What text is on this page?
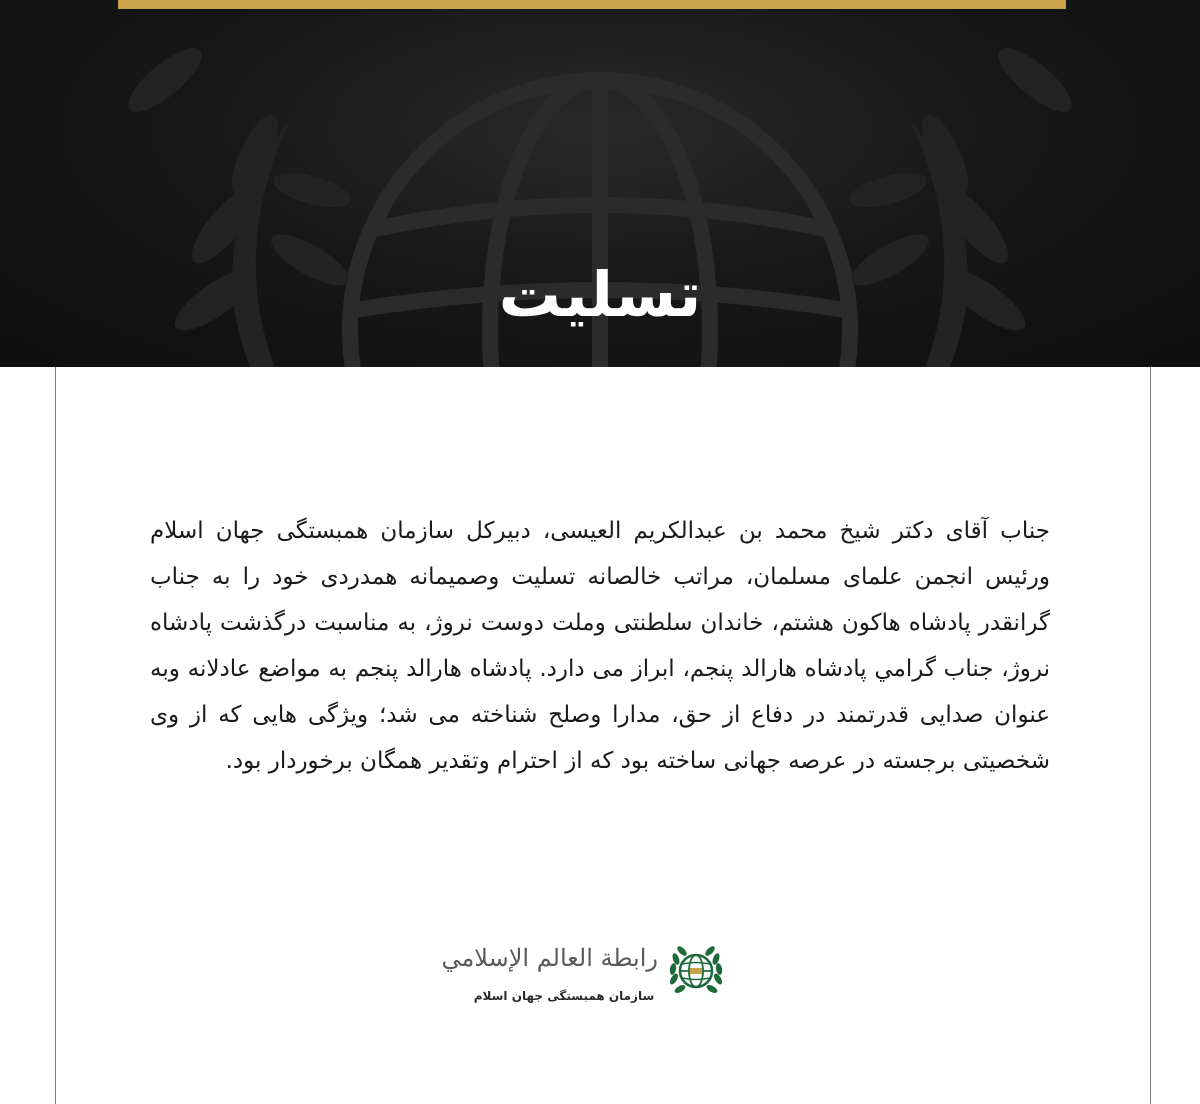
تسلیت
جناب آقای دکتر شیخ محمد بن عبدالکریم العیسی، دبیرکل سازمان همبستگی جهان اسلام ورئیس انجمن علمای مسلمان، مراتب خالصانه تسلیت وصمیمانه همدردی خود را به جناب گرانقدر پادشاه هاکون هشتم، خاندان سلطنتی وملت دوست نروژ، به مناسبت درگذشت پادشاه نروژ، جناب گرامي پادشاه هارالد پنجم، ابراز می دارد. پادشاه هارالد پنجم به مواضع عادلانه وبه عنوان صدایی قدرتمند در دفاع از حق، مدارا وصلح شناخته می شد؛ ویژگی هایی که از وی شخصیتی برجسته در عرصه جهانی ساخته بود که از احترام وتقدیر همگان برخوردار بود.
رابطة العالم الإسلامي
سازمان همبستگی جهان اسلام
